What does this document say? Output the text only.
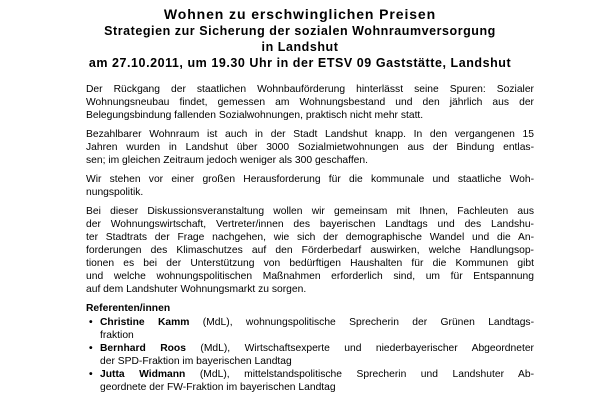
Wohnen zu erschwinglichen Preisen
Strategien zur Sicherung der sozialen Wohnraumversorgung
in Landshut
am 27.10.2011, um 19.30 Uhr in der ETSV 09 Gaststätte, Landshut

Der Rückgang der staatlichen Wohnbauförderung hinterlässt seine Spuren: Sozialer
Wohnungsneubau findet, gemessen am Wohnungsbestand und den jährlich aus der
Belegungsbindung fallenden Sozialwohnungen, praktisch nicht mehr statt.

Bezahlbarer Wohnraum ist auch in der Stadt Landshut knapp. In den vergangenen 15
Jahren wurden in Landshut über 3000 Sozialmietwohnungen aus der Bindung entlas-
sen; im gleichen Zeitraum jedoch weniger als 300 geschaffen.

Wir stehen vor einer großen Herausforderung für die kommunale und staatliche Woh-
nungspolitik.

Bei dieser Diskussionsveranstaltung wollen wir gemeinsam mit Ihnen, Fachleuten aus
der Wohnungswirtschaft, Vertreter/innen des bayerischen Landtags und des Landshu-
ter Stadtrats der Frage nachgehen, wie sich der demographische Wandel und die An-
forderungen des Klimaschutzes auf den Förderbedarf auswirken, welche Handlungsop-
tionen es bei der Unterstützung von bedürftigen Haushalten für die Kommunen gibt
und welche wohnungspolitischen Maßnahmen erforderlich sind, um für Entspannung
auf dem Landshuter Wohnungsmarkt zu sorgen.

Referenten/innen
• Christine Kamm (MdL), wohnungspolitische Sprecherin der Grünen Landtags-
fraktion
• Bernhard Roos (MdL), Wirtschaftsexperte und niederbayerischer Abgeordneter
der SPD-Fraktion im bayerischen Landtag
• Jutta Widmann (MdL), mittelstandspolitische Sprecherin und Landshuter Ab-
geordnete der FW-Fraktion im bayerischen Landtag
